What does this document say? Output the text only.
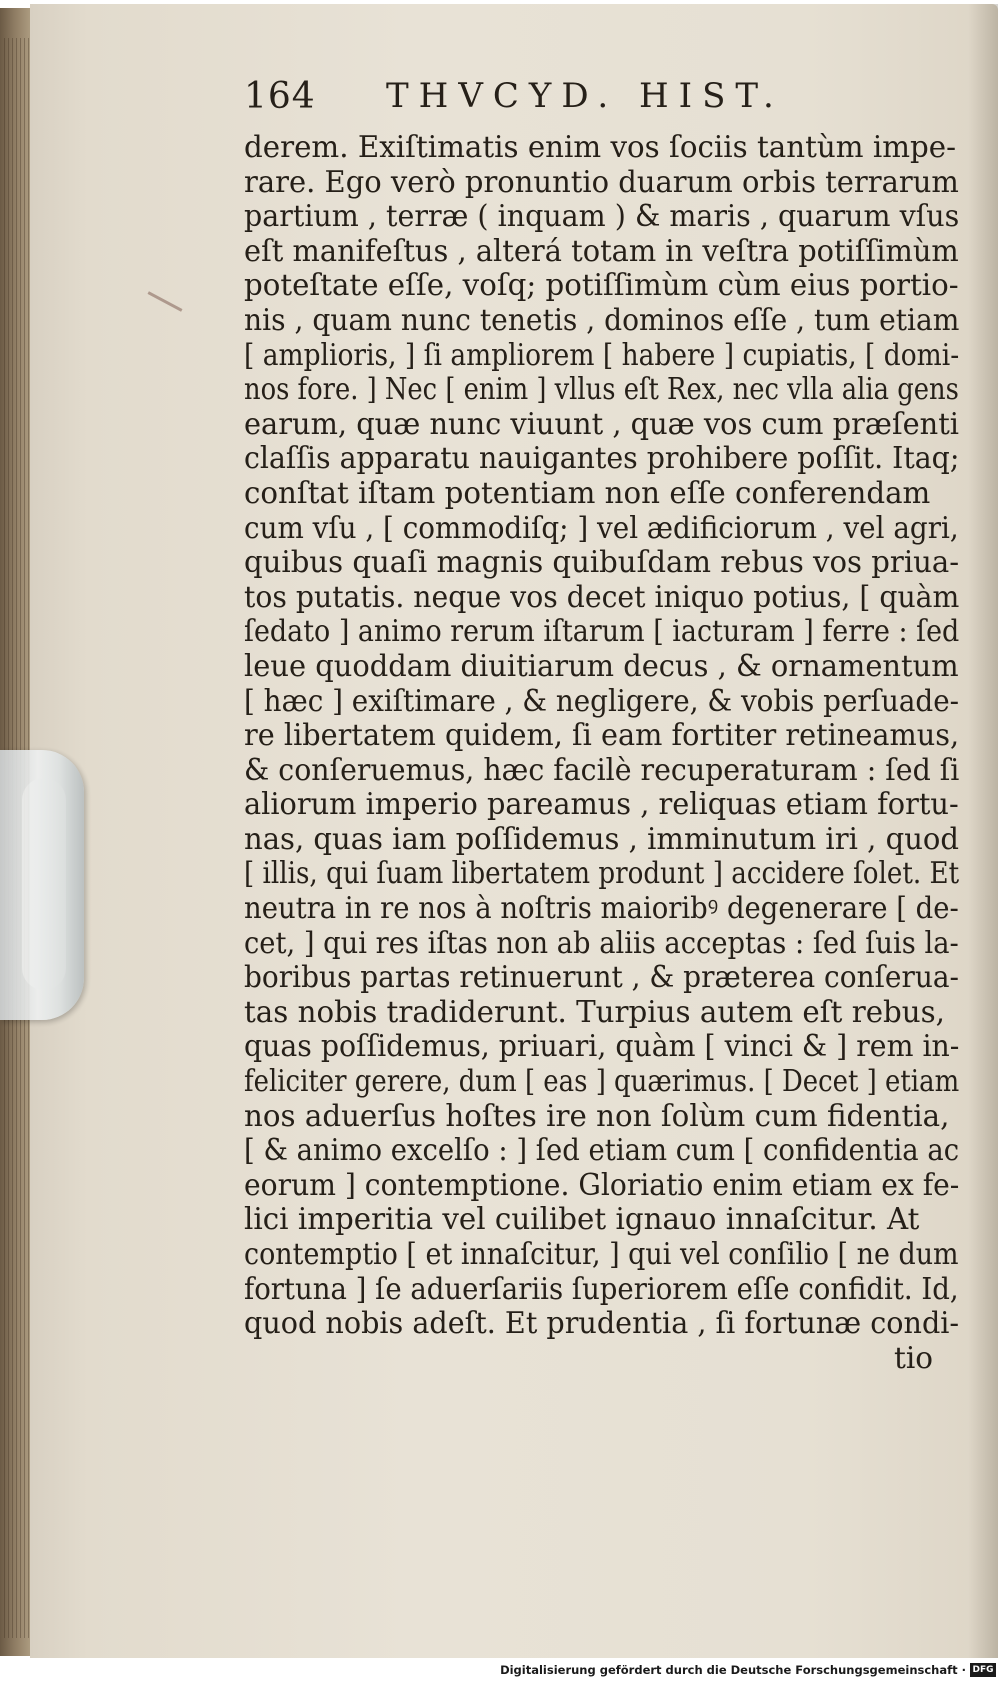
164 THVCYD. HIST.
derem. Exiſtimatis enim vos ſociis tantùm impe-
rare. Ego verò pronuntio duarum orbis terrarum
partium , terræ ( inquam ) & maris , quarum vſus
eſt manifeſtus , alterá totam in veſtra potiſſimùm
poteſtate eſſe, voſq; potiſſimùm cùm eius portio-
nis , quam nunc tenetis , dominos eſſe , tum etiam
[ amplioris, ] ſi ampliorem [ habere ] cupiatis, [ domi-
nos fore. ] Nec [ enim ] vllus eſt Rex, nec vlla alia gens
earum, quæ nunc viuunt , quæ vos cum præſenti
claſſis apparatu nauigantes prohibere poſſit. Itaq;
conſtat iſtam potentiam non eſſe conferendam
cum vſu , [ commodiſq; ] vel ædificiorum , vel agri,
quibus quaſi magnis quibuſdam rebus vos priua-
tos putatis. neque vos decet iniquo potius, [ quàm
ſedato ] animo rerum iſtarum [ iacturam ] ferre : ſed
leue quoddam diuitiarum decus , & ornamentum
[ hæc ] exiſtimare , & negligere, & vobis perſuade-
re libertatem quidem, ſi eam fortiter retineamus,
& conſeruemus, hæc facilè recuperaturam : ſed ſi
aliorum imperio pareamus , reliquas etiam fortu-
nas, quas iam poſſidemus , imminutum iri , quod
[ illis, qui ſuam libertatem produnt ] accidere ſolet. Et
neutra in re nos à noſtris maioribꝰ degenerare [ de-
cet, ] qui res iſtas non ab aliis acceptas : ſed ſuis la-
boribus partas retinuerunt , & præterea conſerua-
tas nobis tradiderunt. Turpius autem eſt rebus,
quas poſſidemus, priuari, quàm [ vinci & ] rem in-
feliciter gerere, dum [ eas ] quærimus. [ Decet ] etiam
nos aduerſus hoſtes ire non ſolùm cum fidentia,
[ & animo excelſo : ] ſed etiam cum [ confidentia ac
eorum ] contemptione. Gloriatio enim etiam ex fe-
lici imperitia vel cuilibet ignauo innaſcitur. At
contemptio [ et innaſcitur, ] qui vel conſilio [ ne dum
fortuna ] ſe aduerſariis ſuperiorem eſſe confidit. Id,
quod nobis adeſt. Et prudentia , ſi fortunæ condi-
tio
Digitalisierung gefördert durch die Deutsche Forschungsgemeinschaft · DFG
